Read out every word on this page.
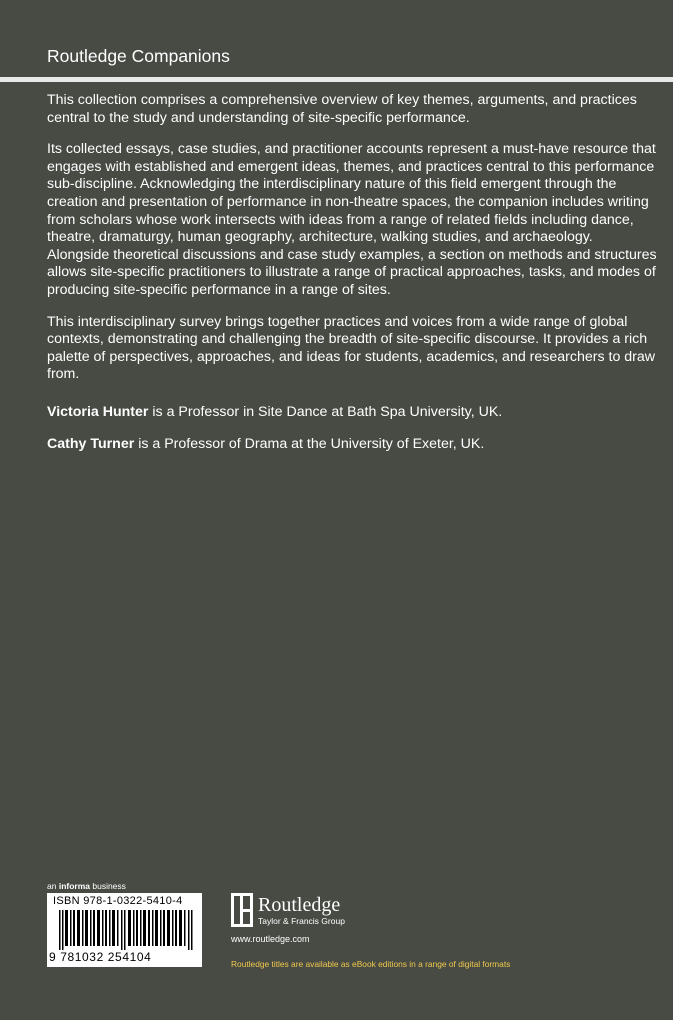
Routledge Companions

This collection comprises a comprehensive overview of key themes, arguments, and practices central to the study and understanding of site-specific performance.

Its collected essays, case studies, and practitioner accounts represent a must-have resource that engages with established and emergent ideas, themes, and practices central to this performance sub-discipline. Acknowledging the interdisciplinary nature of this field emergent through the creation and presentation of performance in non-theatre spaces, the companion includes writing from scholars whose work intersects with ideas from a range of related fields including dance, theatre, dramaturgy, human geography, architecture, walking studies, and archaeology. Alongside theoretical discussions and case study examples, a section on methods and structures allows site-specific practitioners to illustrate a range of practical approaches, tasks, and modes of producing site-specific performance in a range of sites.

This interdisciplinary survey brings together practices and voices from a wide range of global contexts, demonstrating and challenging the breadth of site-specific discourse. It provides a rich palette of perspectives, approaches, and ideas for students, academics, and researchers to draw from.

Victoria Hunter is a Professor in Site Dance at Bath Spa University, UK.

Cathy Turner is a Professor of Drama at the University of Exeter, UK.

an informa business
ISBN 978-1-0322-5410-4
9 781032 254104
Routledge
Taylor & Francis Group
www.routledge.com
Routledge titles are available as eBook editions in a range of digital formats
